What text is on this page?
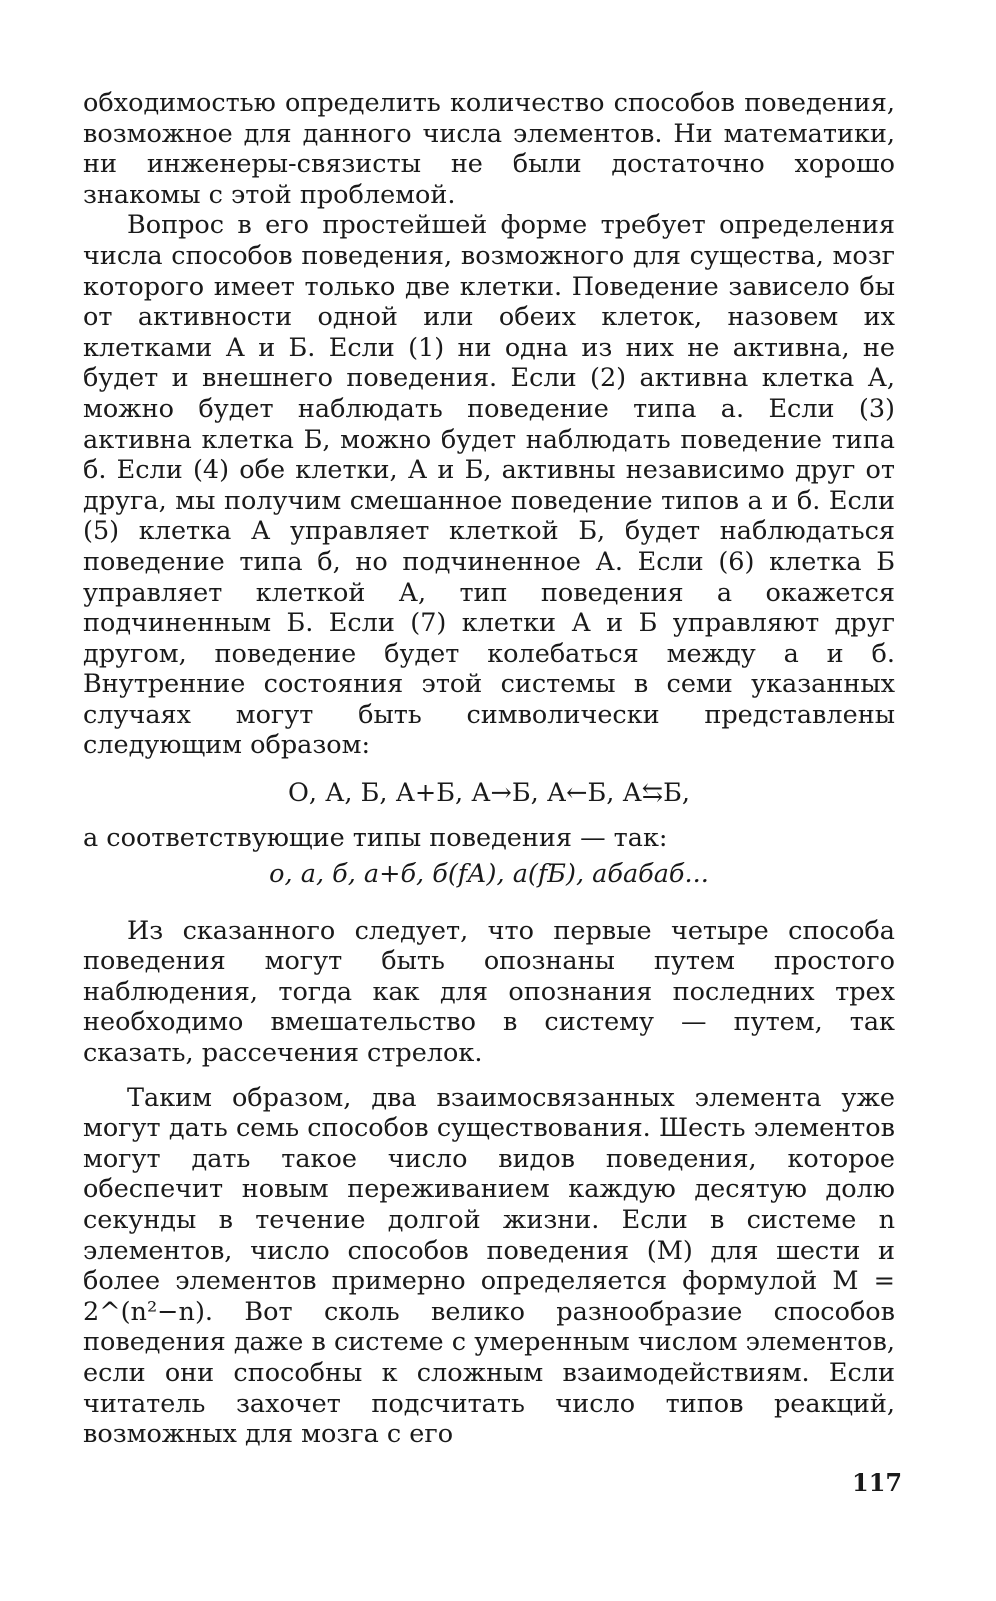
обходимостью определить количество способов поведения, возможное для данного числа элементов. Ни математики, ни инженеры-связисты не были достаточно хорошо знакомы с этой проблемой.

Вопрос в его простейшей форме требует определения числа способов поведения, возможного для существа, мозг которого имеет только две клетки. Поведение зависело бы от активности одной или обеих клеток, назовем их клетками А и Б. Если (1) ни одна из них не активна, не будет и внешнего поведения. Если (2) активна клетка А, можно будет наблюдать поведение типа а. Если (3) активна клетка Б, можно будет наблюдать поведение типа б. Если (4) обе клетки, А и Б, активны независимо друг от друга, мы получим смешанное поведение типов а и б. Если (5) клетка А управляет клеткой Б, будет наблюдаться поведение типа б, но подчиненное А. Если (6) клетка Б управляет клеткой А, тип поведения а окажется подчиненным Б. Если (7) клетки А и Б управляют друг другом, поведение будет колебаться между а и б. Внутренние состояния этой системы в семи указанных случаях могут быть символически представлены следующим образом:

О, А, Б, А+Б, А→Б, А←Б, А⇆Б,

а соответствующие типы поведения — так:

о, а, б, а+б, б(fА), а(fБ), абабаб...

Из сказанного следует, что первые четыре способа поведения могут быть опознаны путем простого наблюдения, тогда как для опознания последних трех необходимо вмешательство в систему — путем, так сказать, рассечения стрелок.

Таким образом, два взаимосвязанных элемента уже могут дать семь способов существования. Шесть элементов могут дать такое число видов поведения, которое обеспечит новым переживанием каждую десятую долю секунды в течение долгой жизни. Если в системе n элементов, число способов поведения (M) для шести и более элементов примерно определяется формулой M = 2^(n²−n). Вот сколь велико разнообразие способов поведения даже в системе с умеренным числом элементов, если они способны к сложным взаимодействиям. Если читатель захочет подсчитать число типов реакций, возможных для мозга с его

117
